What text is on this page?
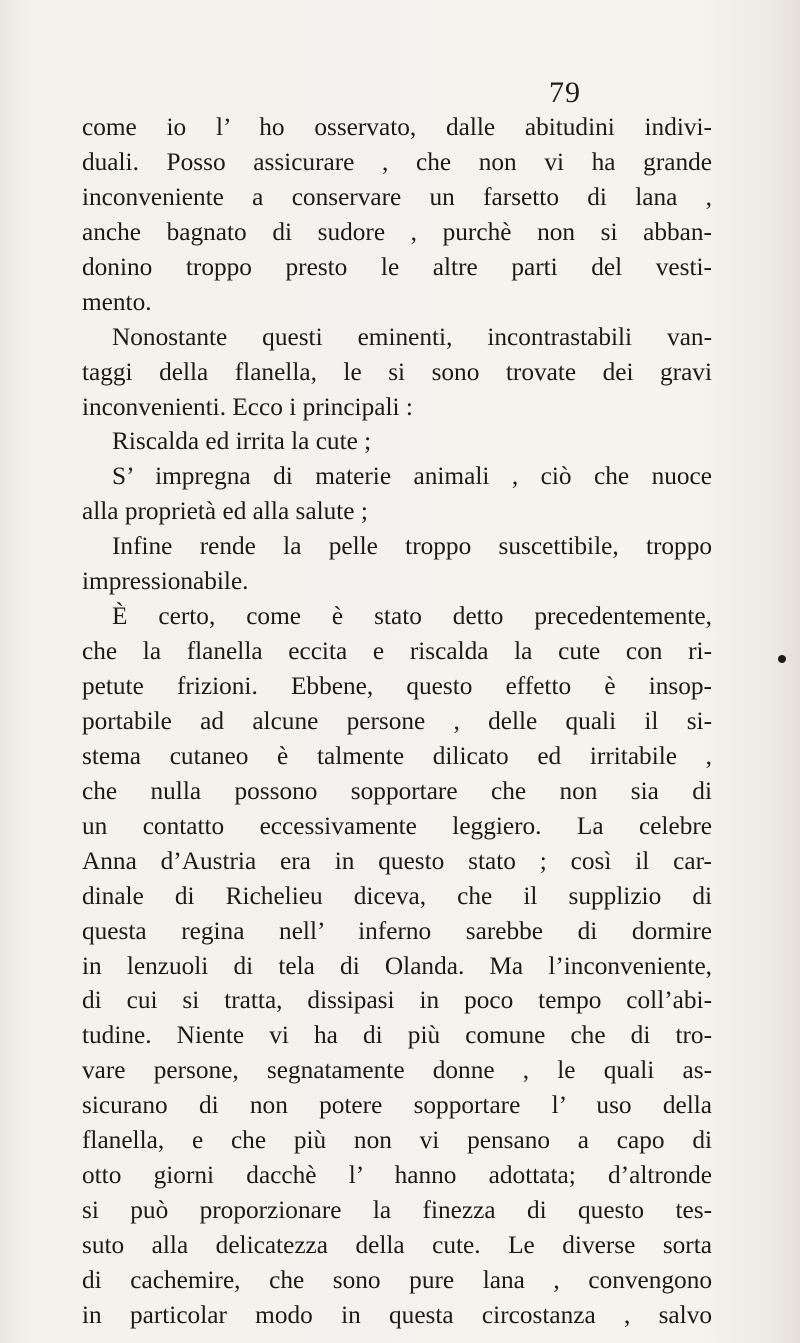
79
come io l’ ho osservato, dalle abitudini indivi-
duali. Posso assicurare , che non vi ha grande
inconveniente a conservare un farsetto di lana ,
anche bagnato di sudore , purchè non si abban-
donino troppo presto le altre parti del vesti-
mento.
Nonostante questi eminenti, incontrastabili van-
taggi della flanella, le si sono trovate dei gravi
inconvenienti. Ecco i principali :
Riscalda ed irrita la cute ;
S’ impregna di materie animali , ciò che nuoce
alla proprietà ed alla salute ;
Infine rende la pelle troppo suscettibile, troppo
impressionabile.
È certo, come è stato detto precedentemente,
che la flanella eccita e riscalda la cute con ri-
petute frizioni. Ebbene, questo effetto è insop-
portabile ad alcune persone , delle quali il si-
stema cutaneo è talmente dilicato ed irritabile ,
che nulla possono sopportare che non sia di
un contatto eccessivamente leggiero. La celebre
Anna d’Austria era in questo stato ; così il car-
dinale di Richelieu diceva, che il supplizio di
questa regina nell’ inferno sarebbe di dormire
in lenzuoli di tela di Olanda. Ma l’inconveniente,
di cui si tratta, dissipasi in poco tempo coll’abi-
tudine. Niente vi ha di più comune che di tro-
vare persone, segnatamente donne , le quali as-
sicurano di non potere sopportare l’ uso della
flanella, e che più non vi pensano a capo di
otto giorni dacchè l’ hanno adottata; d’altronde
si può proporzionare la finezza di questo tes-
suto alla delicatezza della cute. Le diverse sorta
di cachemire, che sono pure lana , convengono
in particolar modo in questa circostanza , salvo
